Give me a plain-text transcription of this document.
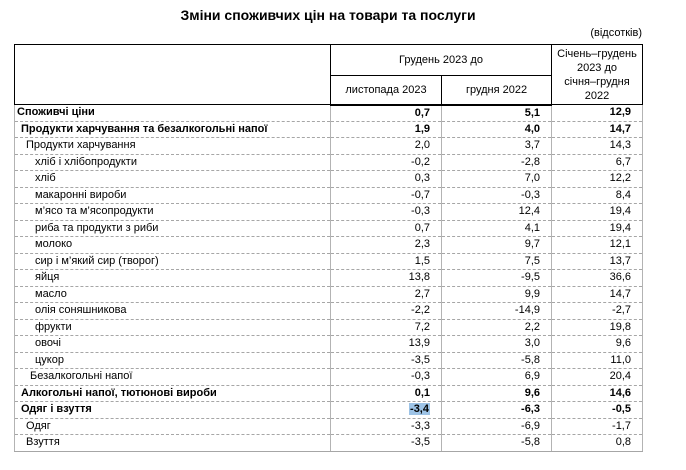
Зміни споживчих цін на товари та послуги
(відсотків)
	Грудень 2023 до		Січень–грудень 2023 до
січня–грудня 2022

	листопада 2023	грудня 2022	
Споживчі ціни	0,7	5,1	12,9
Продукти харчування та безалкогольні напої	1,9	4,0	14,7
Продукти харчування	2,0	3,7	14,3
хліб і хлібопродукти	-0,2	-2,8	6,7
хліб	0,3	7,0	12,2
макаронні вироби	-0,7	-0,3	8,4
м’ясо та м’ясопродукти	-0,3	12,4	19,4
риба та продукти з риби	0,7	4,1	19,4
молоко	2,3	9,7	12,1
сир і м’який сир (творог)	1,5	7,5	13,7
яйця	13,8	-9,5	36,6
масло	2,7	9,9	14,7
олія соняшникова	-2,2	-14,9	-2,7
фрукти	7,2	2,2	19,8
овочі	13,9	3,0	9,6
цукор	-3,5	-5,8	11,0
Безалкогольні напої	-0,3	6,9	20,4
Алкогольні напої, тютюнові вироби	0,1	9,6	14,6
Одяг і взуття	-3,4	-6,3	-0,5
Одяг	-3,3	-6,9	-1,7
Взуття	-3,5	-5,8	0,8
